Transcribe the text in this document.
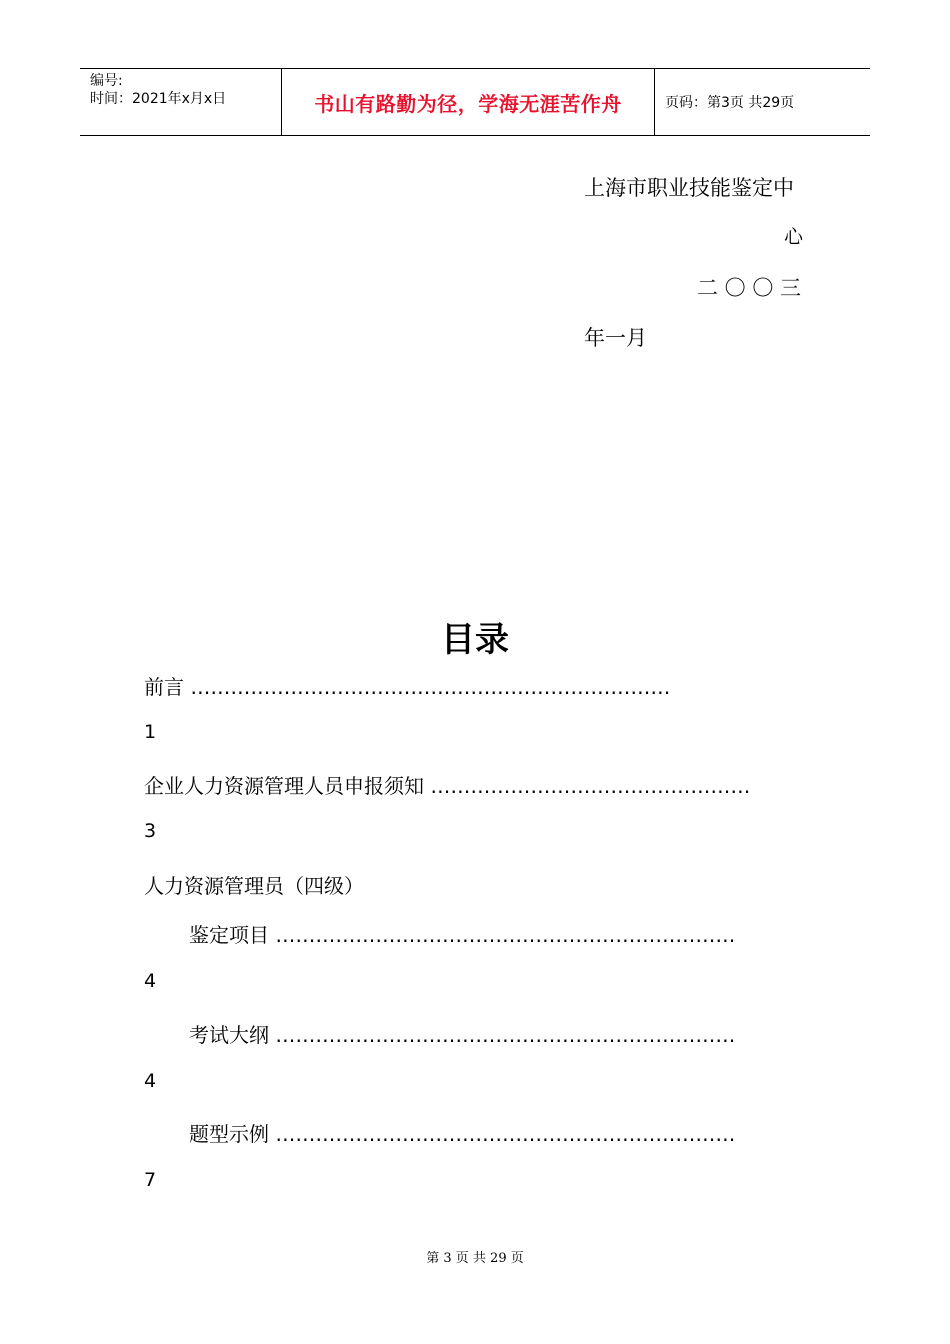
编号:
时间：2021年x月x日	书山有路勤为径，学海无涯苦作舟	页码：第3页 共29页
上海市职业技能鉴定中
心
二 〇 〇 三
年一月
目录
前言 ………………………………………………………………
1
企业人力资源管理人员申报须知 …………………………………………
3
人力资源管理员（四级）
鉴定项目 ……………………………………………………………
4
考试大纲 ……………………………………………………………
4
题型示例 ……………………………………………………………
7
第 3 页 共 29 页
